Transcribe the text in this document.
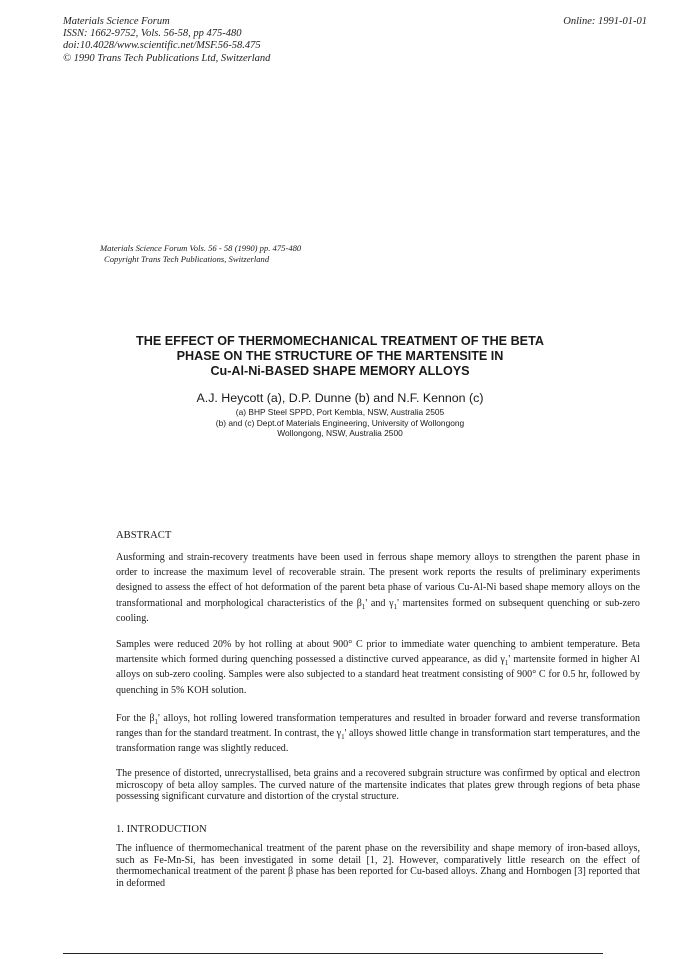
Materials Science Forum
ISSN: 1662-9752, Vols. 56-58, pp 475-480
doi:10.4028/www.scientific.net/MSF.56-58.475
© 1990 Trans Tech Publications Ltd, Switzerland
Online: 1991-01-01
Materials Science Forum Vols. 56 - 58 (1990) pp. 475-480
Copyright Trans Tech Publications, Switzerland
THE EFFECT OF THERMOMECHANICAL TREATMENT OF THE BETA
PHASE ON THE STRUCTURE OF THE MARTENSITE IN
Cu-Al-Ni-BASED SHAPE MEMORY ALLOYS
A.J. Heycott (a), D.P. Dunne (b) and N.F. Kennon (c)
(a) BHP Steel SPPD, Port Kembla, NSW, Australia 2505
(b) and (c) Dept.of Materials Engineering, University of Wollongong
Wollongong, NSW, Australia 2500
ABSTRACT
Ausforming and strain-recovery treatments have been used in ferrous shape memory alloys to strengthen the parent phase in order to increase the maximum level of recoverable strain. The present work reports the results of preliminary experiments designed to assess the effect of hot deformation of the parent beta phase of various Cu-Al-Ni based shape memory alloys on the transformational and morphological characteristics of the $\beta_1'$ and $\gamma_1'$ martensites formed on subsequent quenching or sub-zero cooling.
Samples were reduced 20% by hot rolling at about 900° C prior to immediate water quenching to ambient temperature. Beta martensite which formed during quenching possessed a distinctive curved appearance, as did $\gamma_1'$ martensite formed in higher Al alloys on sub-zero cooling. Samples were also subjected to a standard heat treatment consisting of 900° C for 0.5 hr, followed by quenching in 5% KOH solution.
For the $\beta_1'$ alloys, hot rolling lowered transformation temperatures and resulted in broader forward and reverse transformation ranges than for the standard treatment. In contrast, the $\gamma_1'$ alloys showed little change in transformation start temperatures, and the transformation range was slightly reduced.
The presence of distorted, unrecrystallised, beta grains and a recovered subgrain structure was confirmed by optical and electron microscopy of beta alloy samples. The curved nature of the martensite indicates that plates grew through regions of beta phase possessing significant curvature and distortion of the crystal structure.
1. INTRODUCTION
The influence of thermomechanical treatment of the parent phase on the reversibility and shape memory of iron-based alloys, such as Fe-Mn-Si, has been investigated in some detail [1, 2]. However, comparatively little research on the effect of thermomechanical treatment of the parent β phase has been reported for Cu-based alloys. Zhang and Hornbogen [3] reported that in deformed
